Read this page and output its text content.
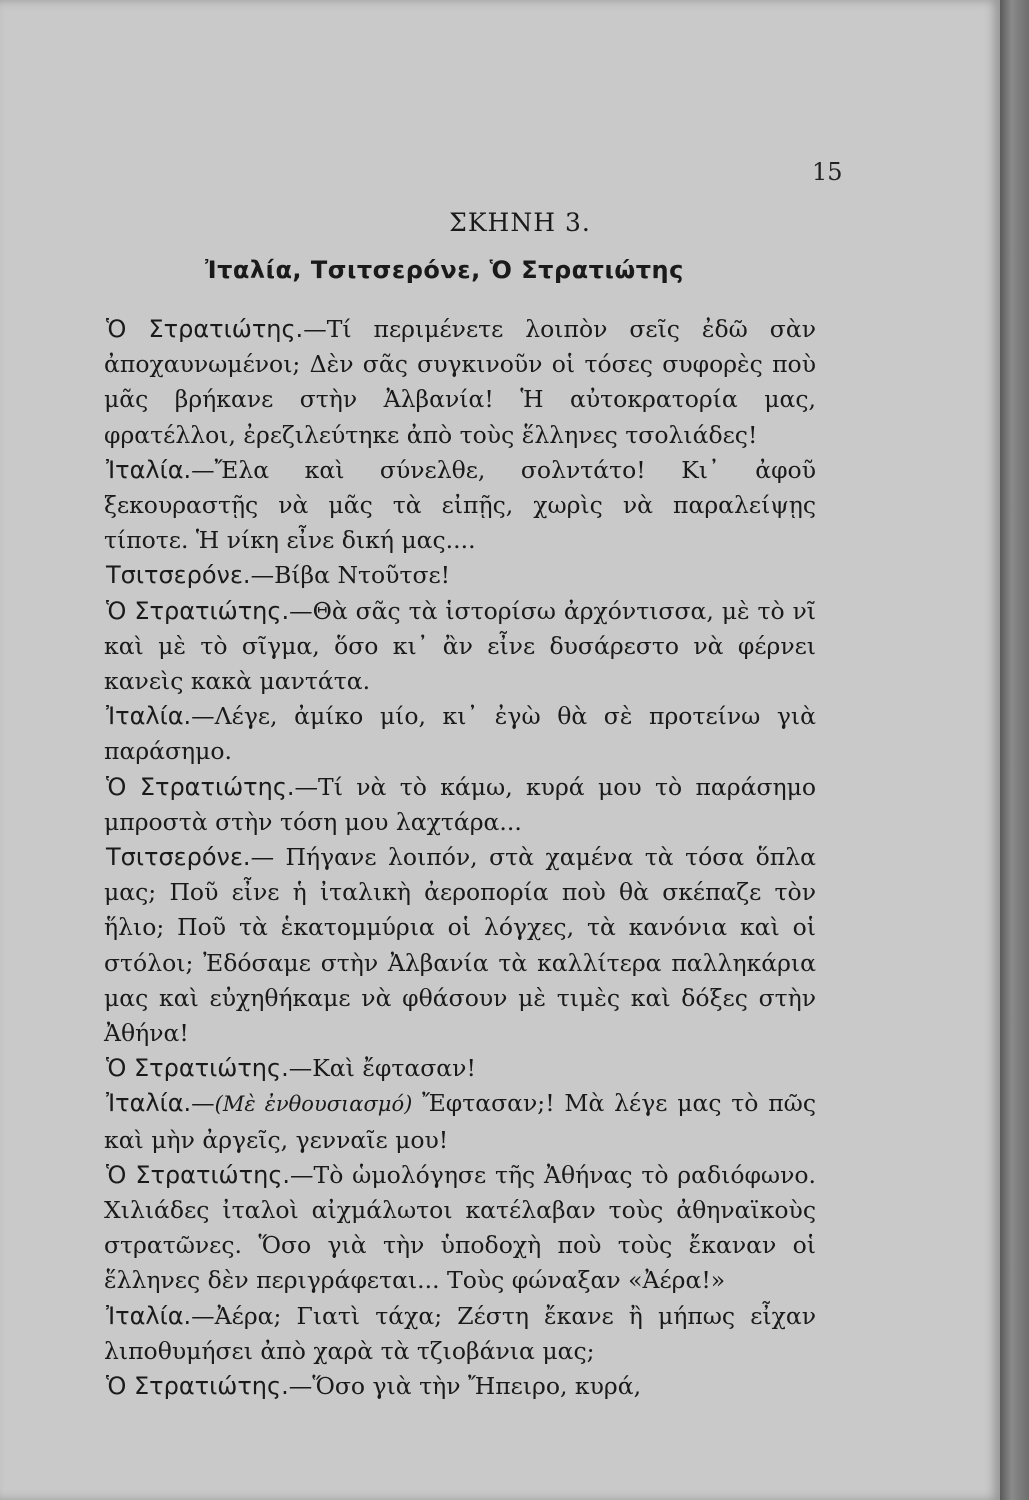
15
ΣΚΗΝΗ 3.
Ἰταλία, Τσιτσερόνε, Ὁ Στρατιώτης

Ὁ Στρατιώτης.—Τί περιμένετε λοιπὸν σεῖς ἐδῶ σὰν ἀποχαυνωμένοι; Δὲν σᾶς συγκινοῦν οἱ τόσες συφορὲς ποὺ μᾶς βρήκανε στὴν Ἀλβανία! Ἡ αὐτοκρατορία μας, φρατέλλοι, ἐρεζιλεύτηκε ἀπὸ τοὺς ἕλληνες τσολιάδες!

Ἰταλία.—Ἔλα καὶ σύνελθε, σολντάτο! Κι᾽ ἀφοῦ ξεκουραστῇς νὰ μᾶς τὰ εἰπῇς, χωρὶς νὰ παραλείψῃς τίποτε. Ἡ νίκη εἶνε δική μας....

Τσιτσερόνε.—Βίβα Ντοῦτσε!

Ὁ Στρατιώτης.—Θὰ σᾶς τὰ ἱστορίσω ἀρχόντισσα, μὲ τὸ νῖ καὶ μὲ τὸ σῖγμα, ὅσο κι᾽ ἂν εἶνε δυσάρεστο νὰ φέρνει κανεὶς κακὰ μαντάτα.

Ἰταλία.—Λέγε, ἀμίκο μίο, κι᾽ ἐγὼ θὰ σὲ προτείνω γιὰ παράσημο.

Ὁ Στρατιώτης.—Τί νὰ τὸ κάμω, κυρά μου τὸ παράσημο μπροστὰ στὴν τόση μου λαχτάρα...

Τσιτσερόνε.— Πήγανε λοιπόν, στὰ χαμένα τὰ τόσα ὅπλα μας; Ποῦ εἶνε ἡ ἰταλικὴ ἀεροπορία ποὺ θὰ σκέπαζε τὸν ἥλιο; Ποῦ τὰ ἑκατομμύρια οἱ λόγχες, τὰ κανόνια καὶ οἱ στόλοι; Ἐδόσαμε στὴν Ἀλβανία τὰ καλλίτερα παλληκάρια μας καὶ εὐχηθήκαμε νὰ φθάσουν μὲ τιμὲς καὶ δόξες στὴν Ἀθήνα!

Ὁ Στρατιώτης.—Καὶ ἔφτασαν!

Ἰταλία.—(Μὲ ἐνθουσιασμό) Ἔφτασαν;! Μὰ λέγε μας τὸ πῶς καὶ μὴν ἀργεῖς, γενναῖε μου!

Ὁ Στρατιώτης.—Τὸ ὡμολόγησε τῆς Ἀθήνας τὸ ραδιόφωνο. Χιλιάδες ἰταλοὶ αἰχμάλωτοι κατέλαβαν τοὺς ἀθηναϊκοὺς στρατῶνες. Ὅσο γιὰ τὴν ὑποδοχὴ ποὺ τοὺς ἔκαναν οἱ ἕλληνες δὲν περιγράφεται... Τοὺς φώναξαν «Ἀέρα!»

Ἰταλία.—Ἀέρα; Γιατὶ τάχα; Ζέστη ἔκανε ἢ μήπως εἶχαν λιποθυμήσει ἀπὸ χαρὰ τὰ τζιοβάνια μας;

Ὁ Στρατιώτης.—Ὅσο γιὰ τὴν Ἤπειρο, κυρά,
